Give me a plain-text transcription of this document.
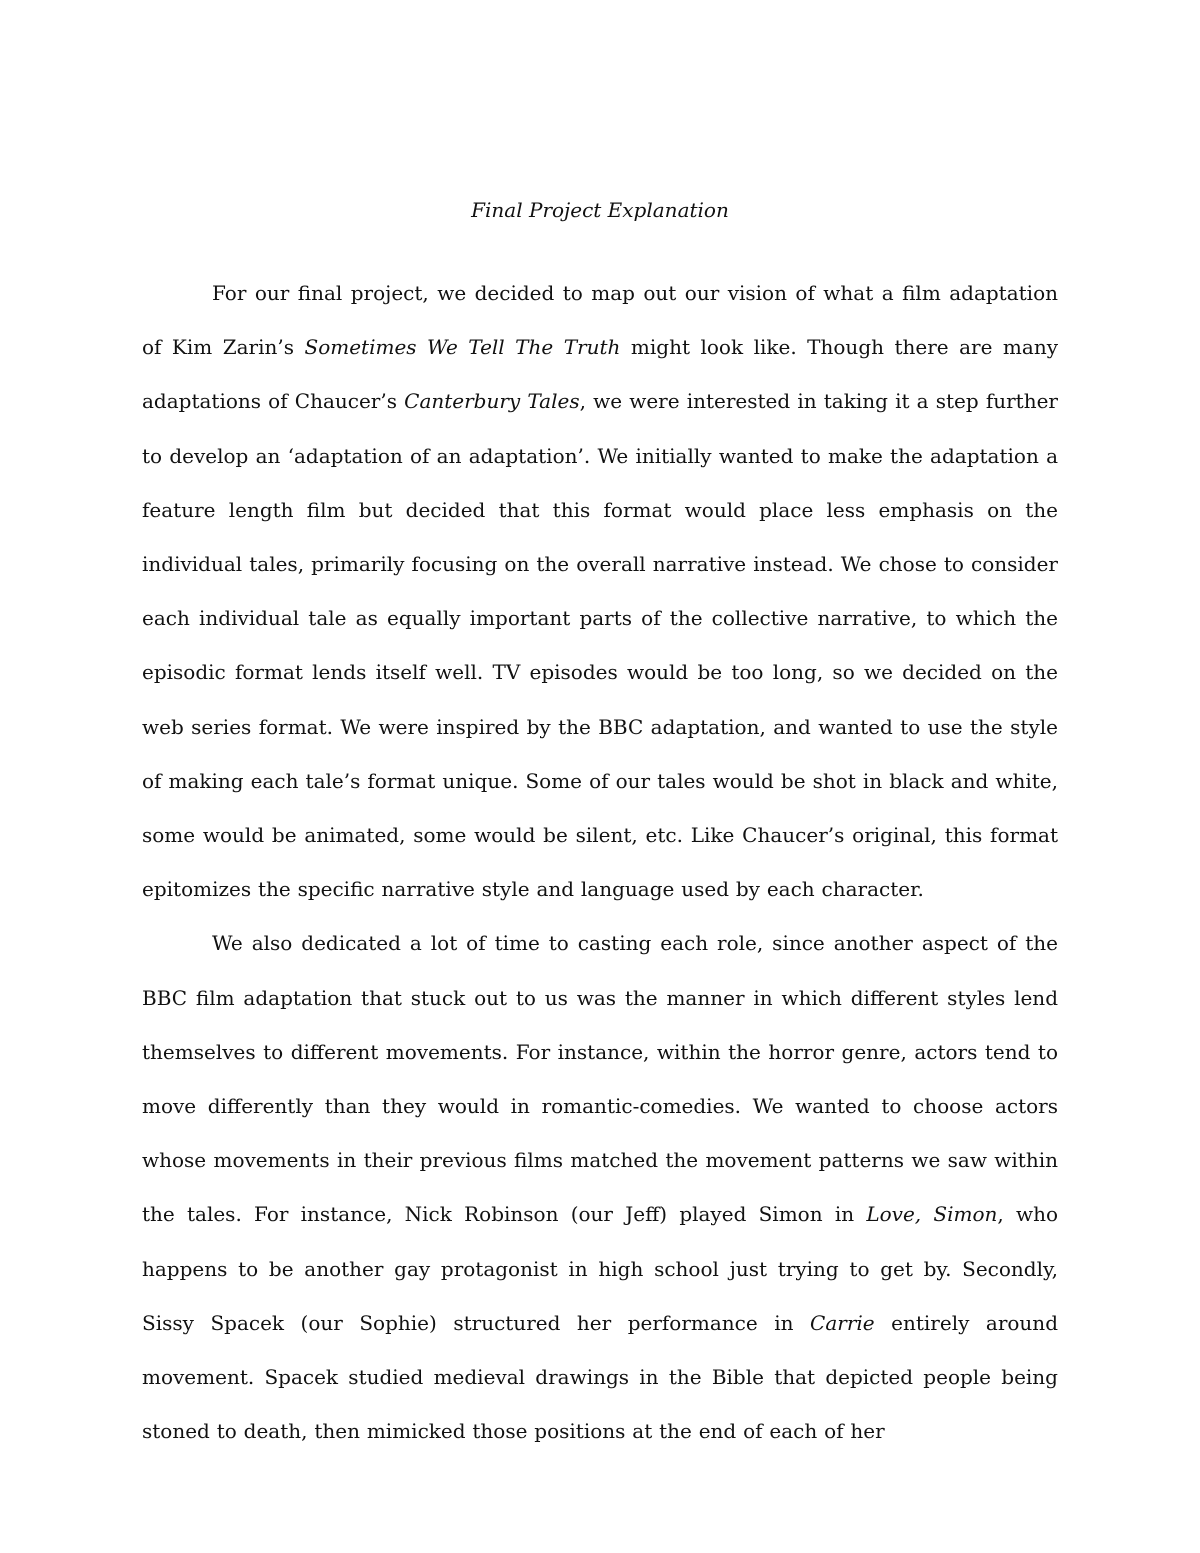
Final Project Explanation

For our final project, we decided to map out our vision of what a film adaptation of Kim Zarin’s Sometimes We Tell The Truth might look like. Though there are many adaptations of Chaucer’s Canterbury Tales, we were interested in taking it a step further to develop an ‘adaptation of an adaptation’. We initially wanted to make the adaptation a feature length film but decided that this format would place less emphasis on the individual tales, primarily focusing on the overall narrative instead. We chose to consider each individual tale as equally important parts of the collective narrative, to which the episodic format lends itself well. TV episodes would be too long, so we decided on the web series format. We were inspired by the BBC adaptation, and wanted to use the style of making each tale’s format unique. Some of our tales would be shot in black and white, some would be animated, some would be silent, etc. Like Chaucer’s original, this format epitomizes the specific narrative style and language used by each character.

We also dedicated a lot of time to casting each role, since another aspect of the BBC film adaptation that stuck out to us was the manner in which different styles lend themselves to different movements. For instance, within the horror genre, actors tend to move differently than they would in romantic-comedies. We wanted to choose actors whose movements in their previous films matched the movement patterns we saw within the tales. For instance, Nick Robinson (our Jeff) played Simon in Love, Simon, who happens to be another gay protagonist in high school just trying to get by. Secondly, Sissy Spacek (our Sophie) structured her performance in Carrie entirely around movement. Spacek studied medieval drawings in the Bible that depicted people being stoned to death, then mimicked those positions at the end of each of her
